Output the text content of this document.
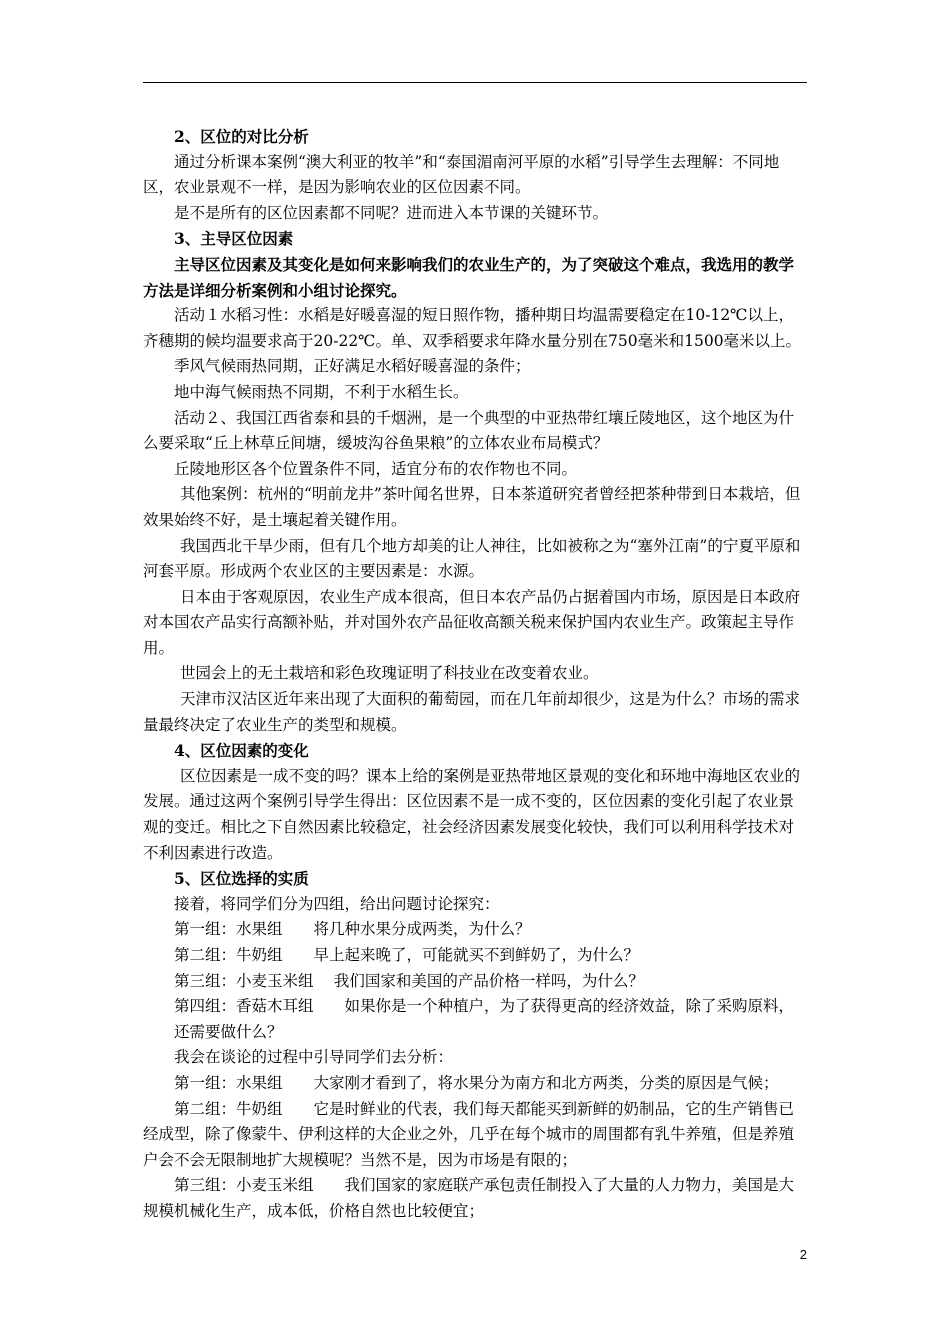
2、区位的对比分析

通过分析课本案例“澳大利亚的牧羊”和“泰国湄南河平原的水稻”引导学生去理解：不同地区，农业景观不一样，是因为影响农业的区位因素不同。

是不是所有的区位因素都不同呢？进而进入本节课的关键环节。

3、主导区位因素

主导区位因素及其变化是如何来影响我们的农业生产的，为了突破这个难点，我选用的教学方法是详细分析案例和小组讨论探究。

活动１水稻习性：水稻是好暖喜湿的短日照作物，播种期日均温需要稳定在10-12℃以上，齐穗期的候均温要求高于20-22℃。单、双季稻要求年降水量分别在750毫米和1500毫米以上。

季风气候雨热同期，正好满足水稻好暖喜湿的条件；

地中海气候雨热不同期，不利于水稻生长。

活动２、我国江西省泰和县的千烟洲，是一个典型的中亚热带红壤丘陵地区，这个地区为什么要采取“丘上林草丘间塘，缓坡沟谷鱼果粮”的立体农业布局模式？

丘陵地形区各个位置条件不同，适宜分布的农作物也不同。

其他案例：杭州的“明前龙井”茶叶闻名世界，日本茶道研究者曾经把茶种带到日本栽培，但效果始终不好，是土壤起着关键作用。

我国西北干旱少雨，但有几个地方却美的让人神往，比如被称之为“塞外江南”的宁夏平原和河套平原。形成两个农业区的主要因素是：水源。

日本由于客观原因，农业生产成本很高，但日本农产品仍占据着国内市场，原因是日本政府对本国农产品实行高额补贴，并对国外农产品征收高额关税来保护国内农业生产。政策起主导作用。

世园会上的无土栽培和彩色玫瑰证明了科技业在改变着农业。

天津市汉沽区近年来出现了大面积的葡萄园，而在几年前却很少，这是为什么？市场的需求量最终决定了农业生产的类型和规模。

4、区位因素的变化

区位因素是一成不变的吗？课本上给的案例是亚热带地区景观的变化和环地中海地区农业的发展。通过这两个案例引导学生得出：区位因素不是一成不变的，区位因素的变化引起了农业景观的变迁。相比之下自然因素比较稳定，社会经济因素发展变化较快，我们可以利用科学技术对不利因素进行改造。

5、区位选择的实质

接着，将同学们分为四组，给出问题讨论探究：

第一组：水果组　　将几种水果分成两类，为什么？

第二组：牛奶组　　早上起来晚了，可能就买不到鲜奶了，为什么？

第三组：小麦玉米组　 我们国家和美国的产品价格一样吗，为什么？

第四组：香菇木耳组　　如果你是一个种植户，为了获得更高的经济效益，除了采购原料，还需要做什么？

我会在谈论的过程中引导同学们去分析：

第一组：水果组　　大家刚才看到了，将水果分为南方和北方两类，分类的原因是气候；

第二组：牛奶组　　它是时鲜业的代表，我们每天都能买到新鲜的奶制品，它的生产销售已经成型，除了像蒙牛、伊利这样的大企业之外，几乎在每个城市的周围都有乳牛养殖，但是养殖户会不会无限制地扩大规模呢？当然不是，因为市场是有限的；

第三组：小麦玉米组　　我们国家的家庭联产承包责任制投入了大量的人力物力，美国是大规模机械化生产，成本低，价格自然也比较便宜；

2
